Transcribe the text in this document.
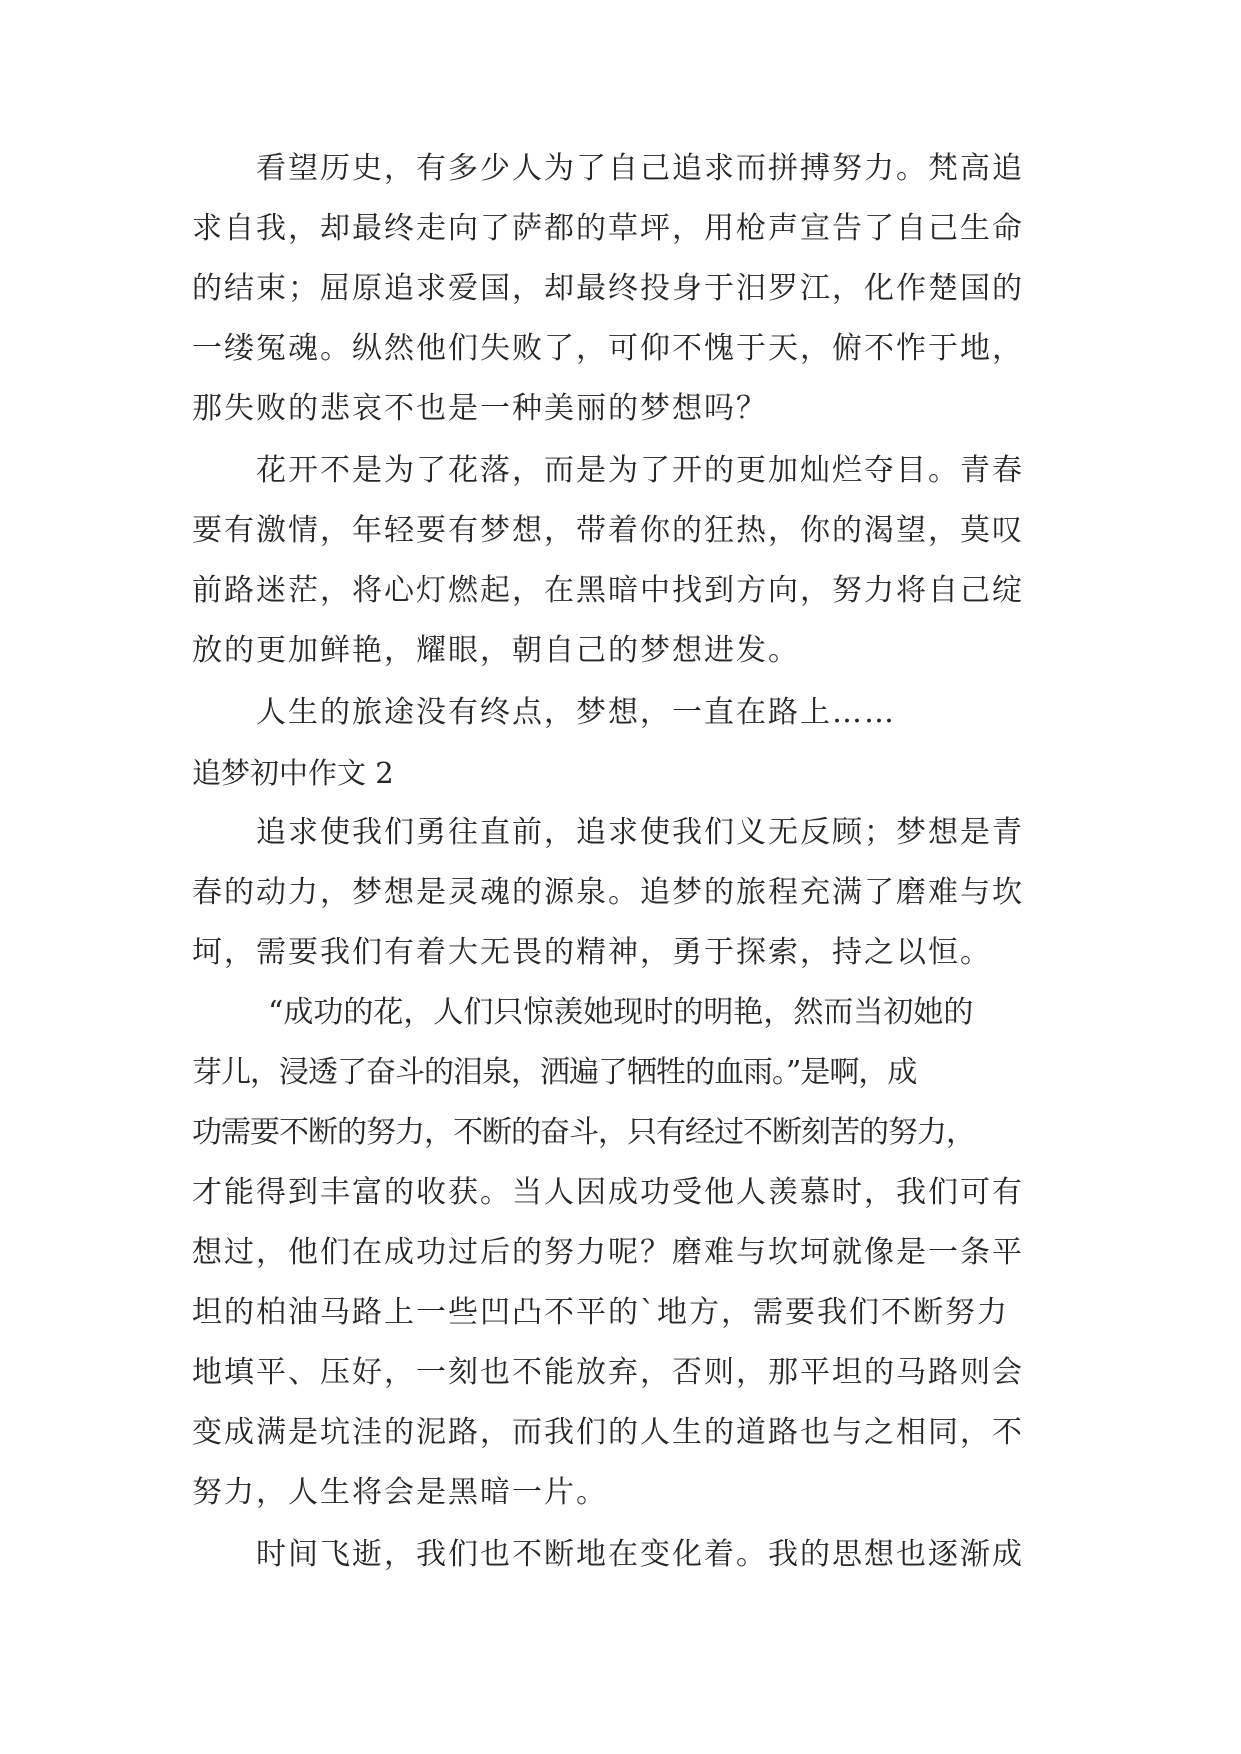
看望历史，有多少人为了自己追求而拼搏努力。梵高追
求自我，却最终走向了萨都的草坪，用枪声宣告了自己生命
的结束；屈原追求爱国，却最终投身于汨罗江，化作楚国的
一缕冤魂。纵然他们失败了，可仰不愧于天，俯不怍于地，
那失败的悲哀不也是一种美丽的梦想吗？
花开不是为了花落，而是为了开的更加灿烂夺目。青春
要有激情，年轻要有梦想，带着你的狂热，你的渴望，莫叹
前路迷茫，将心灯燃起，在黑暗中找到方向，努力将自己绽
放的更加鲜艳，耀眼，朝自己的梦想进发。
人生的旅途没有终点，梦想，一直在路上……
追梦初中作文 2
追求使我们勇往直前，追求使我们义无反顾；梦想是青
春的动力，梦想是灵魂的源泉。追梦的旅程充满了磨难与坎
坷，需要我们有着大无畏的精神，勇于探索，持之以恒。
“成功的花，人们只惊羡她现时的明艳，然而当初她的
芽儿，浸透了奋斗的泪泉，洒遍了牺牲的血雨。”是啊，成
功需要不断的努力，不断的奋斗，只有经过不断刻苦的努力，
才能得到丰富的收获。当人因成功受他人羡慕时，我们可有
想过，他们在成功过后的努力呢？磨难与坎坷就像是一条平
坦的柏油马路上一些凹凸不平的`地方，需要我们不断努力
地填平、压好，一刻也不能放弃，否则，那平坦的马路则会
变成满是坑洼的泥路，而我们的人生的道路也与之相同，不
努力，人生将会是黑暗一片。
时间飞逝，我们也不断地在变化着。我的思想也逐渐成
